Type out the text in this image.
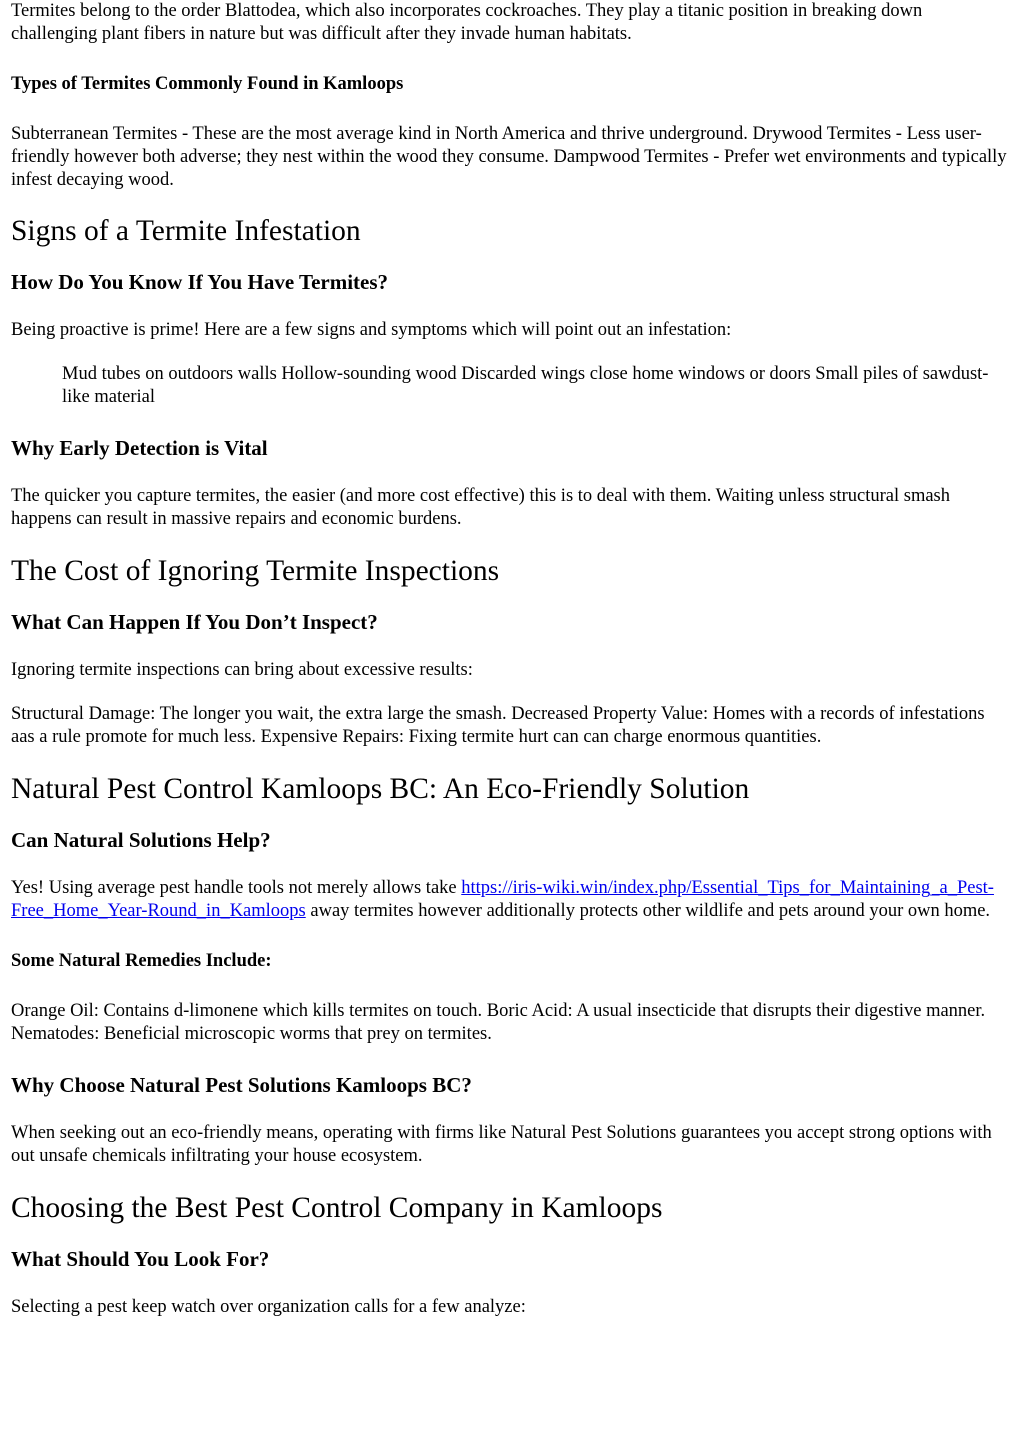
Termites belong to the order Blattodea, which also incorporates cockroaches. They play a titanic position in breaking down challenging plant fibers in nature but was difficult after they invade human habitats.

Types of Termites Commonly Found in Kamloops

Subterranean Termites - These are the most average kind in North America and thrive underground. Drywood Termites - Less user-friendly however both adverse; they nest within the wood they consume. Dampwood Termites - Prefer wet environments and typically infest decaying wood.

Signs of a Termite Infestation
How Do You Know If You Have Termites?

Being proactive is prime! Here are a few signs and symptoms which will point out an infestation:

Mud tubes on outdoors walls Hollow-sounding wood Discarded wings close home windows or doors Small piles of sawdust-like material
Why Early Detection is Vital

The quicker you capture termites, the easier (and more cost effective) this is to deal with them. Waiting unless structural smash happens can result in massive repairs and economic burdens.

The Cost of Ignoring Termite Inspections
What Can Happen If You Don’t Inspect?

Ignoring termite inspections can bring about excessive results:

Structural Damage: The longer you wait, the extra large the smash. Decreased Property Value: Homes with a records of infestations aas a rule promote for much less. Expensive Repairs: Fixing termite hurt can can charge enormous quantities.

Natural Pest Control Kamloops BC: An Eco-Friendly Solution
Can Natural Solutions Help?

Yes! Using average pest handle tools not merely allows take https://iris-wiki.win/index.php/Essential_Tips_for_Maintaining_a_Pest-Free_Home_Year-Round_in_Kamloops away termites however additionally protects other wildlife and pets around your own home.

Some Natural Remedies Include:

Orange Oil: Contains d-limonene which kills termites on touch. Boric Acid: A usual insecticide that disrupts their digestive manner. Nematodes: Beneficial microscopic worms that prey on termites.

Why Choose Natural Pest Solutions Kamloops BC?

When seeking out an eco-friendly means, operating with firms like Natural Pest Solutions guarantees you accept strong options with out unsafe chemicals infiltrating your house ecosystem.

Choosing the Best Pest Control Company in Kamloops
What Should You Look For?

Selecting a pest keep watch over organization calls for a few analyze:
